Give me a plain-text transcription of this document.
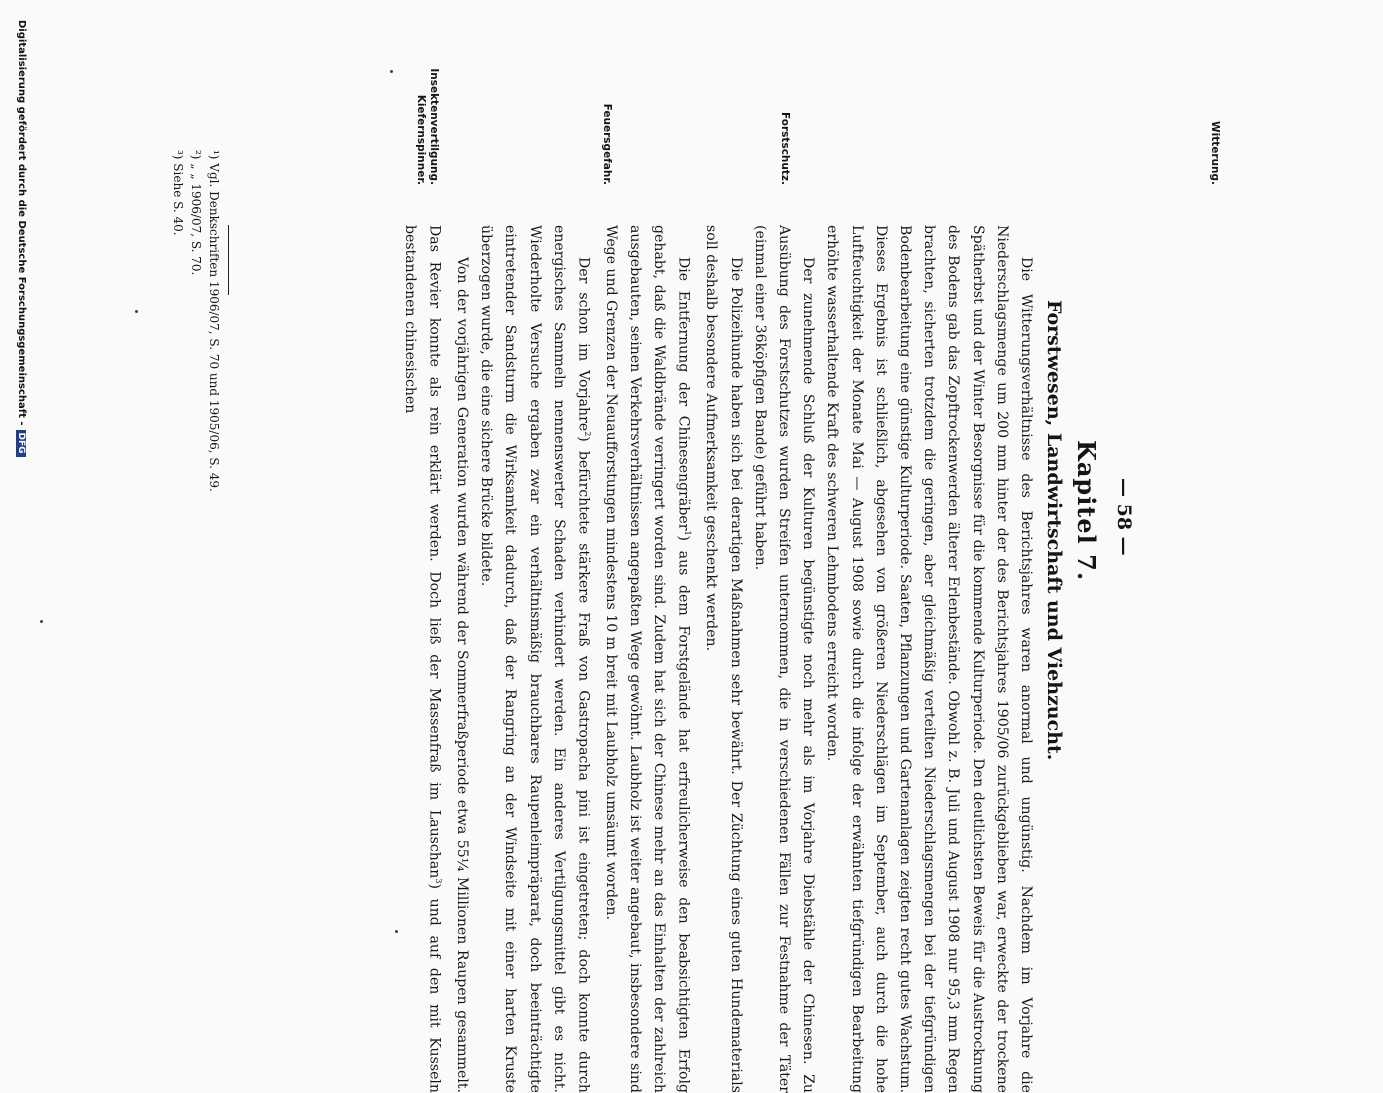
— 58 —
Kapitel 7.
Forstwesen, Landwirtschaft und Viehzucht.
Witterung.
Forstschutz.
Feuersgefahr.
Insektenvertilgung.
Kiefernspinner.

Die Witterungsverhältnisse des Berichtsjahres waren anormal und ungünstig. Nachdem im Vorjahre die Niederschlagsmenge um 200 mm hinter der des Berichtsjahres 1905/06 zurückgeblieben war, erweckte der trockene Spätherbst und der Winter Besorgnisse für die kommende Kulturperiode. Den deutlichsten Beweis für die Austrocknung des Bodens gab das Zopftrockenwerden älterer Erlenbestände. Obwohl z. B. Juli und August 1908 nur 95,3 mm Regen brachten, sicherten trotzdem die geringen, aber gleichmäßig verteilten Niederschlagsmengen bei der tiefgründigen Bodenbearbeitung eine günstige Kulturperiode. Saaten, Pflanzungen und Gartenanlagen zeigten recht gutes Wachstum. Dieses Ergebnis ist schließlich, abgesehen von größeren Niederschlägen im September, auch durch die hohe Luftfeuchtigkeit der Monate Mai — August 1908 sowie durch die infolge der erwähnten tiefgründigen Bearbeitung erhöhte wasserhaltende Kraft des schweren Lehmbodens erreicht worden.

Der zunehmende Schluß der Kulturen begünstigte noch mehr als im Vorjahre Diebstähle der Chinesen. Zu Ausübung des Forstschutzes wurden Streifen unternommen, die in verschiedenen Fällen zur Festnahme der Täter (einmal einer 36köpfigen Bande) geführt haben.

Die Polizeihunde haben sich bei derartigen Maßnahmen sehr bewährt. Der Züchtung eines guten Hundematerials soll deshalb besondere Aufmerksamkeit geschenkt werden.

Die Entfernung der Chinesengräber$^1$) aus dem Forstgelände hat erfreulicherweise den beabsichtigten Erfolg gehabt, daß die Waldbrände verringert worden sind. Zudem hat sich der Chinese mehr an das Einhalten der zahlreich ausgebauten, seinen Verkehrsverhältnissen angepaßten Wege gewöhnt. Laubholz ist weiter angebaut, insbesondere sind Wege und Grenzen der Neuaufforstungen mindestens 10 m breit mit Laubholz umsäumt worden.

Der schon im Vorjahre$^2$) befürchtete stärkere Fraß von Gastropacha pini ist eingetreten; doch konnte durch energisches Sammeln nennenswerter Schaden verhindert werden. Ein anderes Vertilgungsmittel gibt es nicht. Wiederholte Versuche ergaben zwar ein verhältnismäßig brauchbares Raupenleimpräparat, doch beeinträchtigte eintretender Sandsturm die Wirksamkeit dadurch, daß der Rangring an der Windseite mit einer harten Kruste überzogen wurde, die eine sichere Brücke bildete.

Von der vorjährigen Generation wurden während der Sommerfraßperiode etwa 55¼ Millionen Raupen gesammelt. Das Revier konnte als rein erklärt werden. Doch ließ der Massenfraß im Lauschan$^3$) und auf den mit Kusseln bestandenen chinesischen

¹) Vgl. Denkschriften 1906/07, S. 70 und 1905/06, S. 49.
²) „ „ 1906/07, S. 70.
³) Siehe S. 40.
Digitalisierung gefördert durch die Deutsche Forschungsgemeinschaft -DFG
